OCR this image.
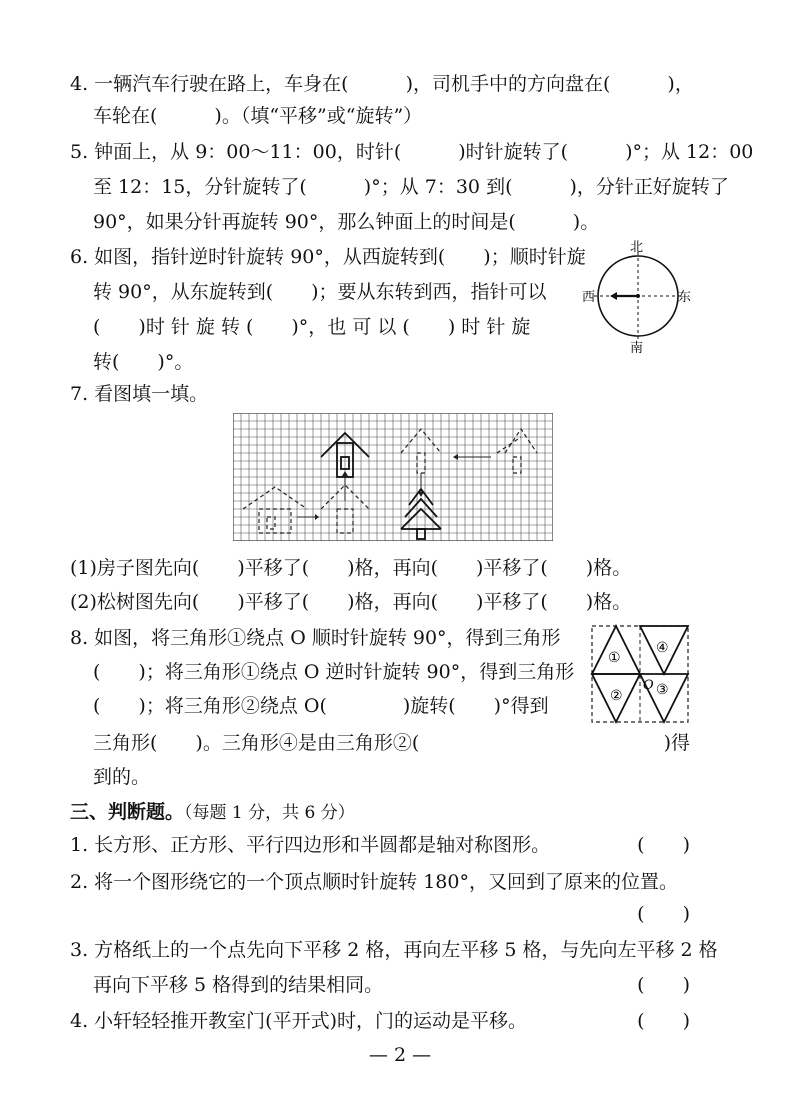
4. 一辆汽车行驶在路上，车身在(　　　)，司机手中的方向盘在(　　　)，
车轮在(　　　)。（填“平移”或“旋转”）
5. 钟面上，从 9：00～11：00，时针(　　　)时针旋转了(　　　)°；从 12：00
至 12：15，分针旋转了(　　　)°；从 7：30 到(　　　)，分针正好旋转了
90°，如果分针再旋转 90°，那么钟面上的时间是(　　　)。
6. 如图，指针逆时针旋转 90°，从西旋转到(　　)；顺时针旋
转 90°，从东旋转到(　　)；要从东转到西，指针可以
(　　)时 针 旋 转 (　　)°，也 可 以 (　　) 时 针 旋
转(　　)°。
北
南
东
西
7. 看图填一填。
(1)房子图先向(　　)平移了(　　)格，再向(　　)平移了(　　)格。
(2)松树图先向(　　)平移了(　　)格，再向(　　)平移了(　　)格。
8. 如图，将三角形①绕点 O 顺时针旋转 90°，得到三角形
(　　)；将三角形①绕点 O 逆时针旋转 90°，得到三角形
(　　)；将三角形②绕点 O(　　　　)旋转(　　)°得到
三角形(　　)。三角形④是由三角形②(	)得
到的。
①
④
② ③
O
三、判断题。（每题 1 分，共 6 分）
1. 长方形、正方形、平行四边形和半圆都是轴对称图形。	(　　)
2. 将一个图形绕它的一个顶点顺时针旋转 180°，又回到了原来的位置。
(　　)
3. 方格纸上的一个点先向下平移 2 格，再向左平移 5 格，与先向左平移 2 格
再向下平移 5 格得到的结果相同。	(　　)
4. 小轩轻轻推开教室门(平开式)时，门的运动是平移。	(　　)
— 2 —
